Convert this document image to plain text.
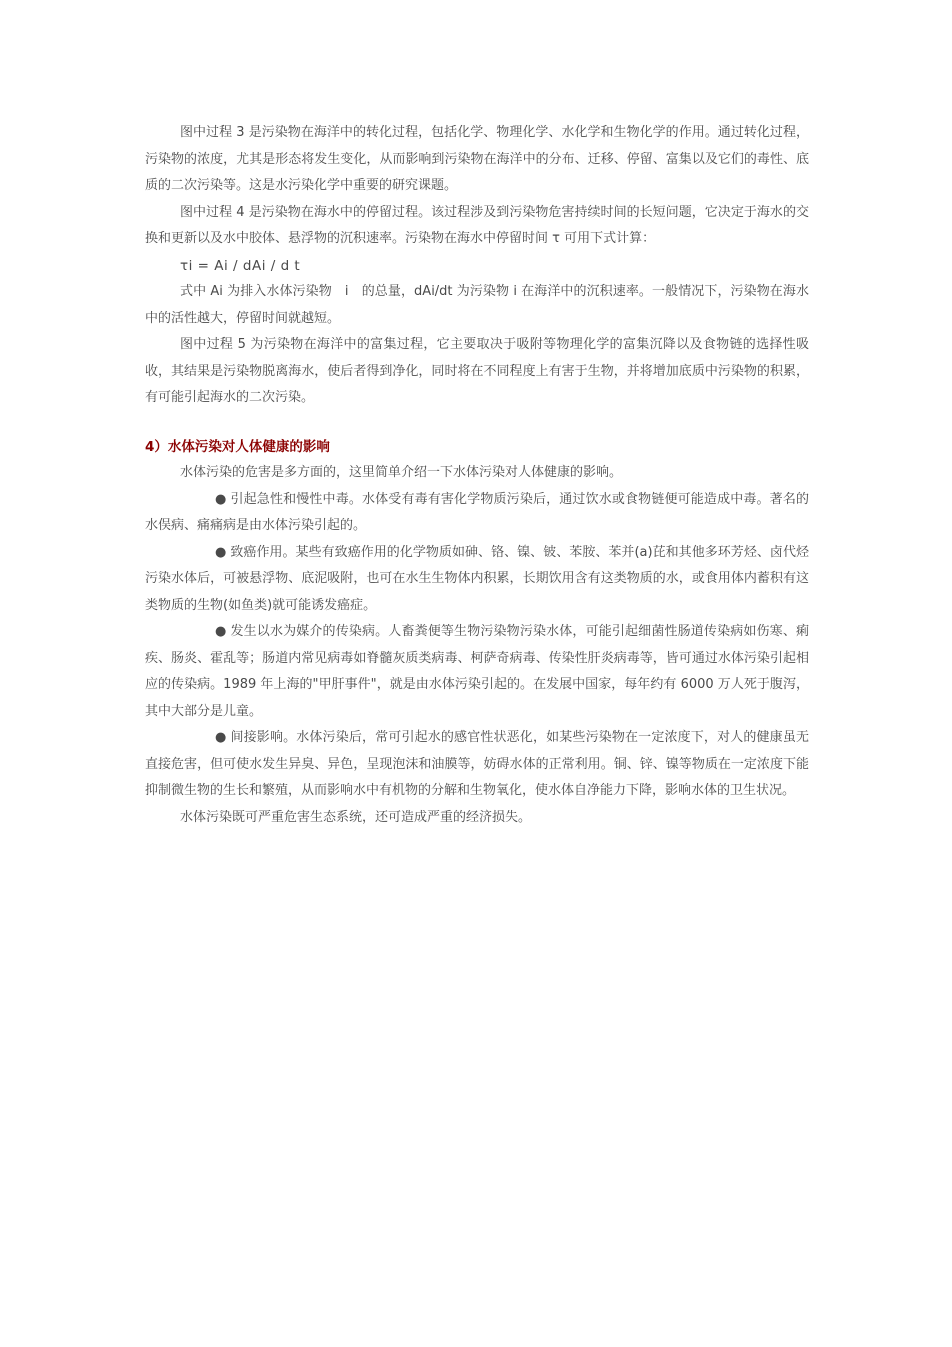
图中过程 3 是污染物在海洋中的转化过程，包括化学、物理化学、水化学和生物化学的作用。通过转化过程，污染物的浓度，尤其是形态将发生变化，从而影响到污染物在海洋中的分布、迁移、停留、富集以及它们的毒性、底质的二次污染等。这是水污染化学中重要的研究课题。

图中过程 4 是污染物在海水中的停留过程。该过程涉及到污染物危害持续时间的长短问题，它决定于海水的交换和更新以及水中胶体、悬浮物的沉积速率。污染物在海水中停留时间 τ 可用下式计算：

τi = Ai / dAi / d t

式中 Ai 为排入水体污染物　i　的总量，dAi/dt 为污染物 i 在海洋中的沉积速率。一般情况下，污染物在海水中的活性越大，停留时间就越短。

图中过程 5 为污染物在海洋中的富集过程，它主要取决于吸附等物理化学的富集沉降以及食物链的选择性吸收，其结果是污染物脱离海水，使后者得到净化，同时将在不同程度上有害于生物，并将增加底质中污染物的积累，有可能引起海水的二次污染。

4）水体污染对人体健康的影响

水体污染的危害是多方面的，这里简单介绍一下水体污染对人体健康的影响。

● 引起急性和慢性中毒。水体受有毒有害化学物质污染后，通过饮水或食物链便可能造成中毒。著名的水俣病、痛痛病是由水体污染引起的。

● 致癌作用。某些有致癌作用的化学物质如砷、铬、镍、铍、苯胺、苯并(a)芘和其他多环芳烃、卤代烃污染水体后，可被悬浮物、底泥吸附，也可在水生生物体内积累，长期饮用含有这类物质的水，或食用体内蓄积有这类物质的生物(如鱼类)就可能诱发癌症。

● 发生以水为媒介的传染病。人畜粪便等生物污染物污染水体，可能引起细菌性肠道传染病如伤寒、痢疾、肠炎、霍乱等；肠道内常见病毒如脊髓灰质类病毒、柯萨奇病毒、传染性肝炎病毒等，皆可通过水体污染引起相应的传染病。1989 年上海的"甲肝事件"，就是由水体污染引起的。在发展中国家，每年约有 6000 万人死于腹泻，其中大部分是儿童。

● 间接影响。水体污染后，常可引起水的感官性状恶化，如某些污染物在一定浓度下，对人的健康虽无直接危害，但可使水发生异臭、异色，呈现泡沫和油膜等，妨碍水体的正常利用。铜、锌、镍等物质在一定浓度下能抑制微生物的生长和繁殖，从而影响水中有机物的分解和生物氧化，使水体自净能力下降，影响水体的卫生状况。

水体污染既可严重危害生态系统，还可造成严重的经济损失。
